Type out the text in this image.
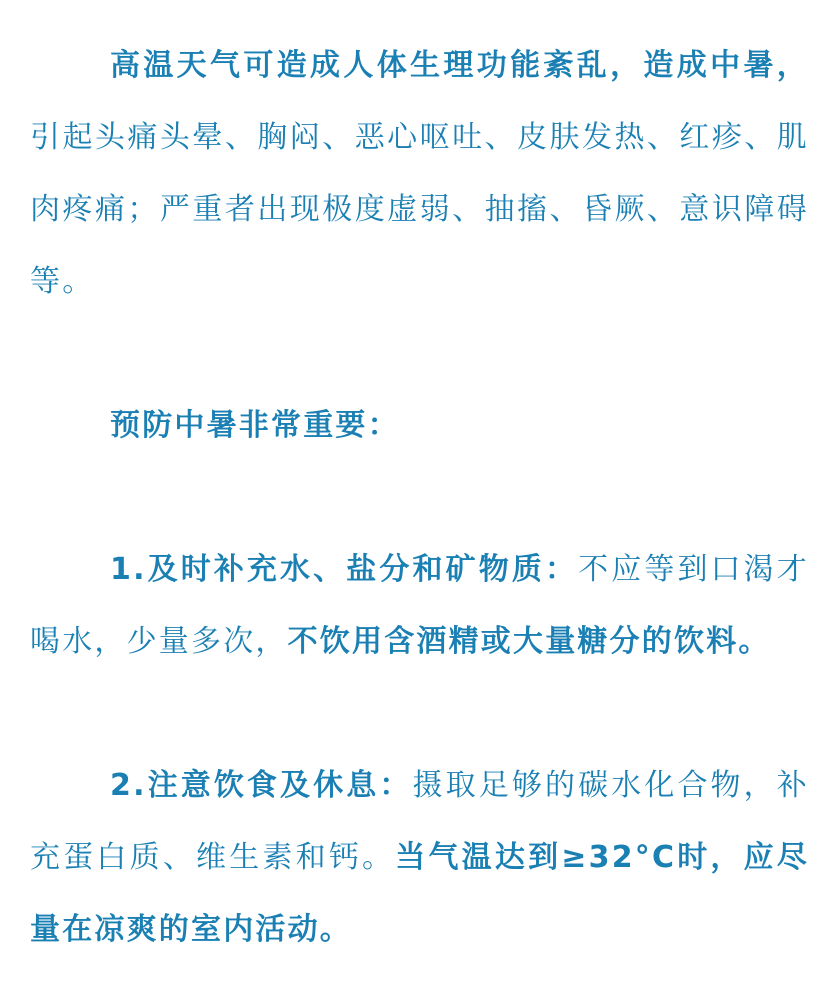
高温天气可造成人体生理功能紊乱，造成中暑，引起头痛头晕、胸闷、恶心呕吐、皮肤发热、红疹、肌肉疼痛；严重者出现极度虚弱、抽搐、昏厥、意识障碍等。

预防中暑非常重要：

1.及时补充水、盐分和矿物质：不应等到口渴才喝水，少量多次，不饮用含酒精或大量糖分的饮料。

2.注意饮食及休息：摄取足够的碳水化合物，补充蛋白质、维生素和钙。当气温达到≥32°C时，应尽量在凉爽的室内活动。
